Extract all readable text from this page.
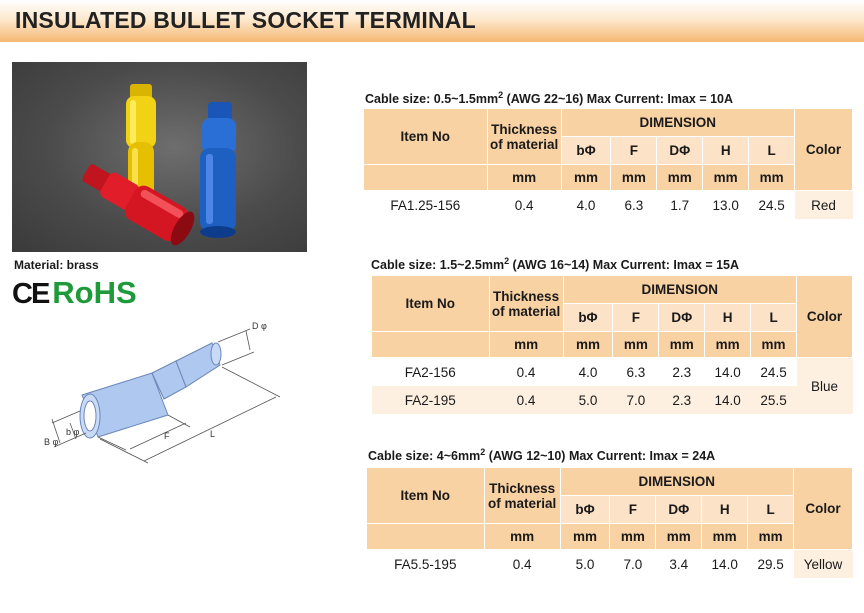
INSULATED BULLET SOCKET TERMINAL
Material: brass
CE RoHS
D φ
b φ
B φ
F	L
Cable size: $0.5\sim 1.5mm^2$ (AWG 22~16) Max Current: Imax = 10A
Item No	Thickness
of material	DIMENSION					Color
		bΦ	F	DΦ	H	L	
	mm	mm	mm	mm	mm	mm	
FA1.25-156	0.4	4.0	6.3	1.7	13.0	24.5	Red
Cable size: $1.5\sim 2.5mm^2$ (AWG 16~14) Max Current: Imax = 15A
Item No	Thickness
of material	DIMENSION					Color
		bΦ	F	DΦ	H	L	
	mm	mm	mm	mm	mm	mm	
FA2-156	0.4	4.0	6.3	2.3	14.0	24.5	Blue
FA2-195	0.4	5.0	7.0	2.3	14.0	25.5	
Cable size: $4\sim 6mm^2$ (AWG 12~10) Max Current: Imax = 24A
Item No	Thickness
of material	DIMENSION					Color
		bΦ	F	DΦ	H	L	
	mm	mm	mm	mm	mm	mm	
FA5.5-195	0.4	5.0	7.0	3.4	14.0	29.5	Yellow
